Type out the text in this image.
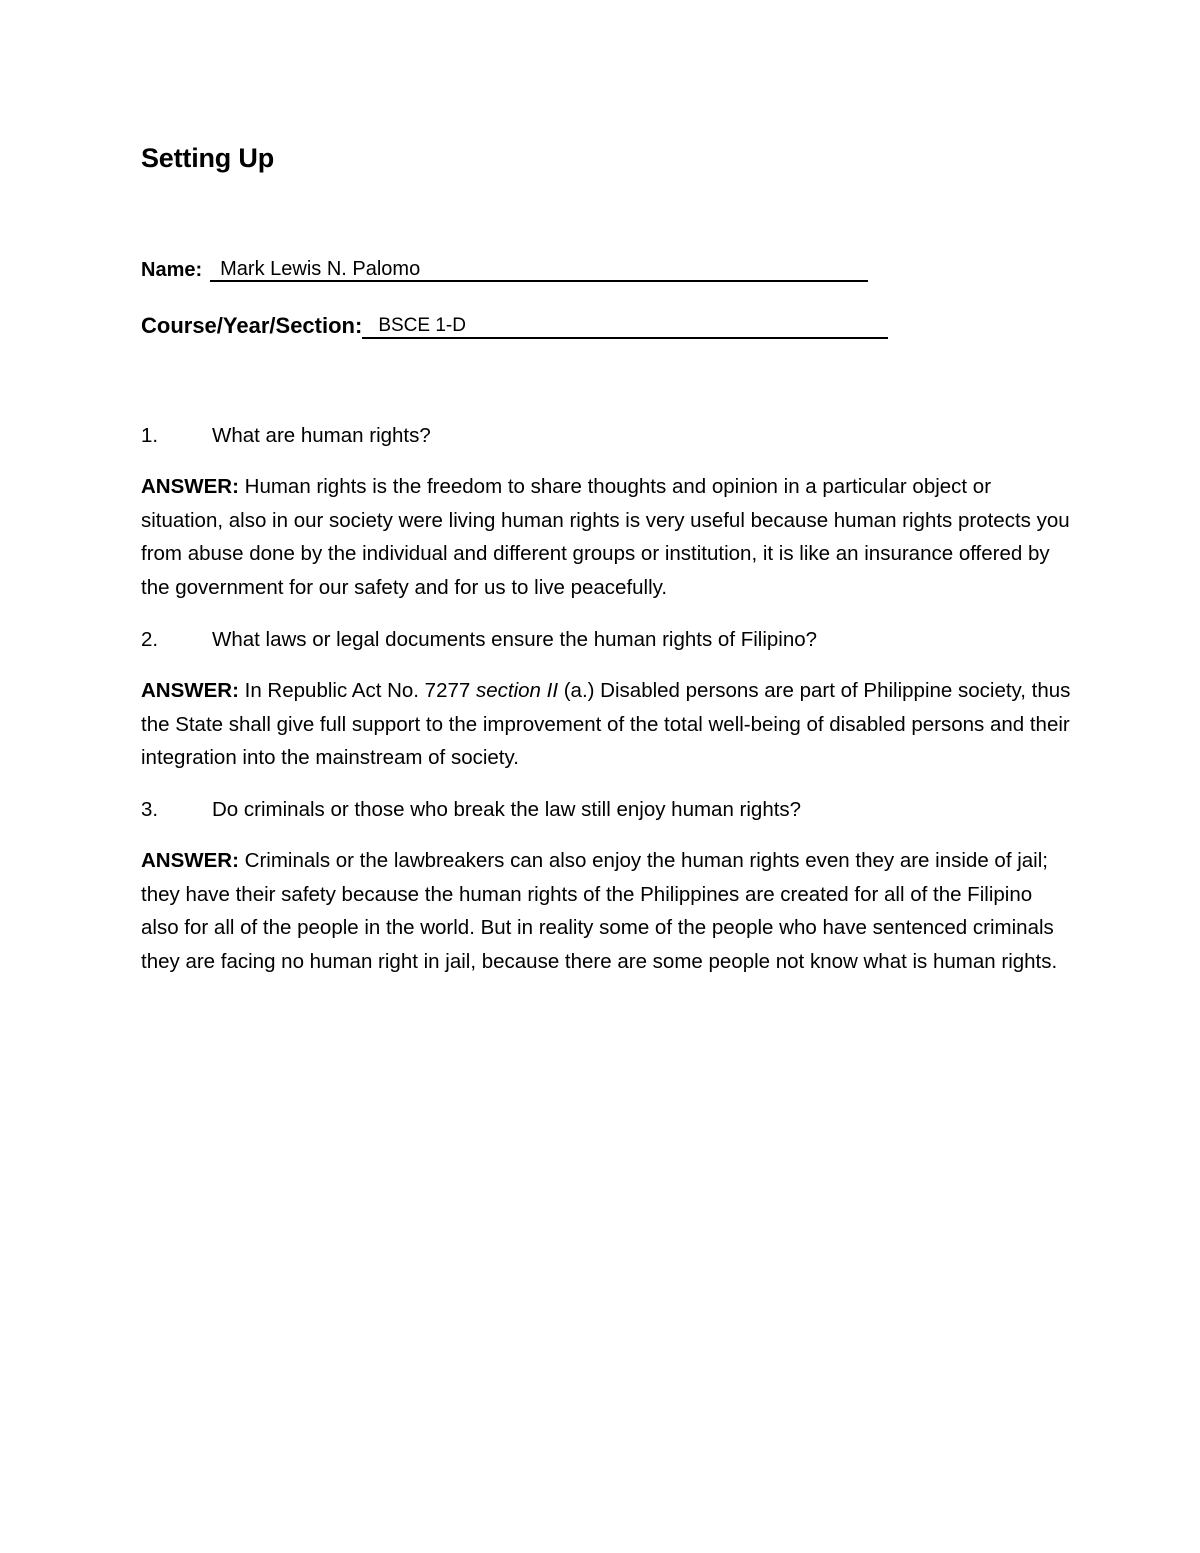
Setting Up
Name: Mark Lewis N. Palomo
Course/Year/Section: BSCE 1-D
1.	What are human rights?
ANSWER: Human rights is the freedom to share thoughts and opinion in a particular object or situation, also in our society were living human rights is very useful because human rights protects you from abuse done by the individual and different groups or institution, it is like an insurance offered by the government for our safety and for us to live peacefully.
2.	What laws or legal documents ensure the human rights of Filipino?
ANSWER: In Republic Act No. 7277 section II (a.) Disabled persons are part of Philippine society, thus the State shall give full support to the improvement of the total well-being of disabled persons and their integration into the mainstream of society.
3.	Do criminals or those who break the law still enjoy human rights?
ANSWER: Criminals or the lawbreakers can also enjoy the human rights even they are inside of jail; they have their safety because the human rights of the Philippines are created for all of the Filipino also for all of the people in the world. But in reality some of the people who have sentenced criminals they are facing no human right in jail, because there are some people not know what is human rights.
